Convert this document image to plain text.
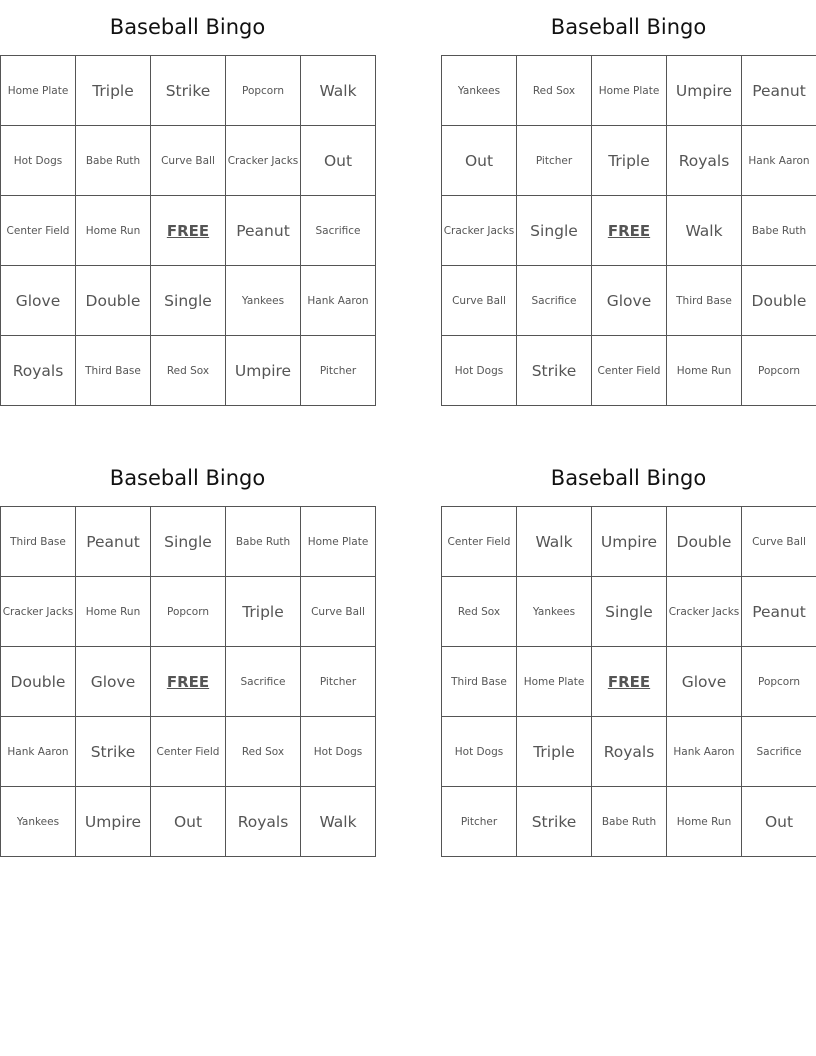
Baseball Bingo
Home Plate	Triple	Strike	Popcorn	Walk
Hot Dogs	Babe Ruth	Curve Ball	Cracker Jacks	Out
Center Field	Home Run	FREE	Peanut	Sacrifice
Glove	Double	Single	Yankees	Hank Aaron
Royals	Third Base	Red Sox	Umpire	Pitcher
Baseball Bingo
Yankees	Red Sox	Home Plate	Umpire	Peanut
Out	Pitcher	Triple	Royals	Hank Aaron
Cracker Jacks	Single	FREE	Walk	Babe Ruth
Curve Ball	Sacrifice	Glove	Third Base	Double
Hot Dogs	Strike	Center Field	Home Run	Popcorn
Baseball Bingo
Third Base	Peanut	Single	Babe Ruth	Home Plate
Cracker Jacks	Home Run	Popcorn	Triple	Curve Ball
Double	Glove	FREE	Sacrifice	Pitcher
Hank Aaron	Strike	Center Field	Red Sox	Hot Dogs
Yankees	Umpire	Out	Royals	Walk
Baseball Bingo
Center Field	Walk	Umpire	Double	Curve Ball
Red Sox	Yankees	Single	Cracker Jacks	Peanut
Third Base	Home Plate	FREE	Glove	Popcorn
Hot Dogs	Triple	Royals	Hank Aaron	Sacrifice
Pitcher	Strike	Babe Ruth	Home Run	Out
